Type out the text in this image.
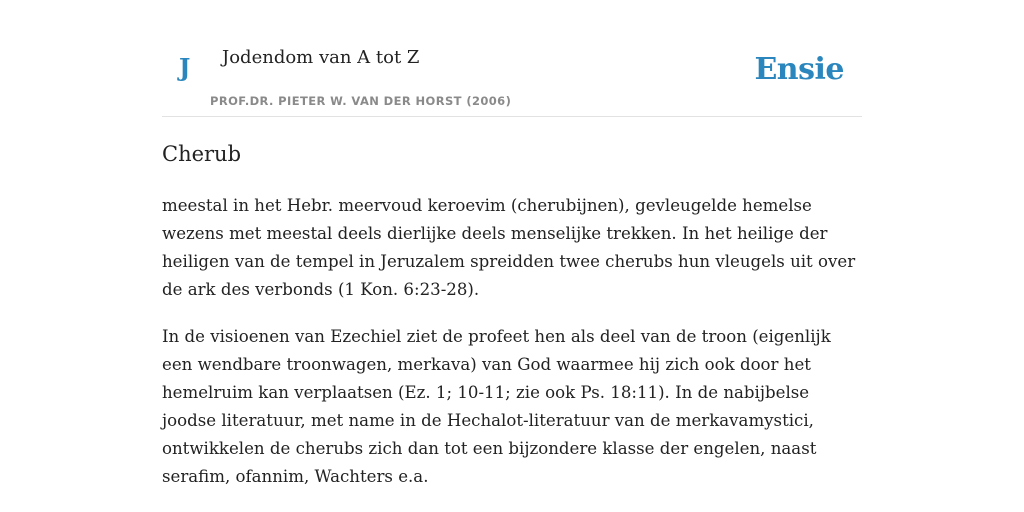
J Jodendom van A tot Z
PROF.DR. PIETER W. VAN DER HORST (2006)
Ensie
Cherub

meestal in het Hebr. meervoud keroevim (cherubijnen), gevleugelde hemelse
wezens met meestal deels dierlijke deels menselijke trekken. In het heilige der
heiligen van de tempel in Jeruzalem spreidden twee cherubs hun vleugels uit over
de ark des verbonds (1 Kon. 6:23-28).

In de visioenen van Ezechiel ziet de profeet hen als deel van de troon (eigenlijk
een wendbare troonwagen, merkava) van God waarmee hij zich ook door het
hemelruim kan verplaatsen (Ez. 1; 10-11; zie ook Ps. 18:11). In de nabijbelse
joodse literatuur, met name in de Hechalot-literatuur van de merkavamystici,
ontwikkelen de cherubs zich dan tot een bijzondere klasse der engelen, naast
serafim, ofannim, Wachters e.a.
